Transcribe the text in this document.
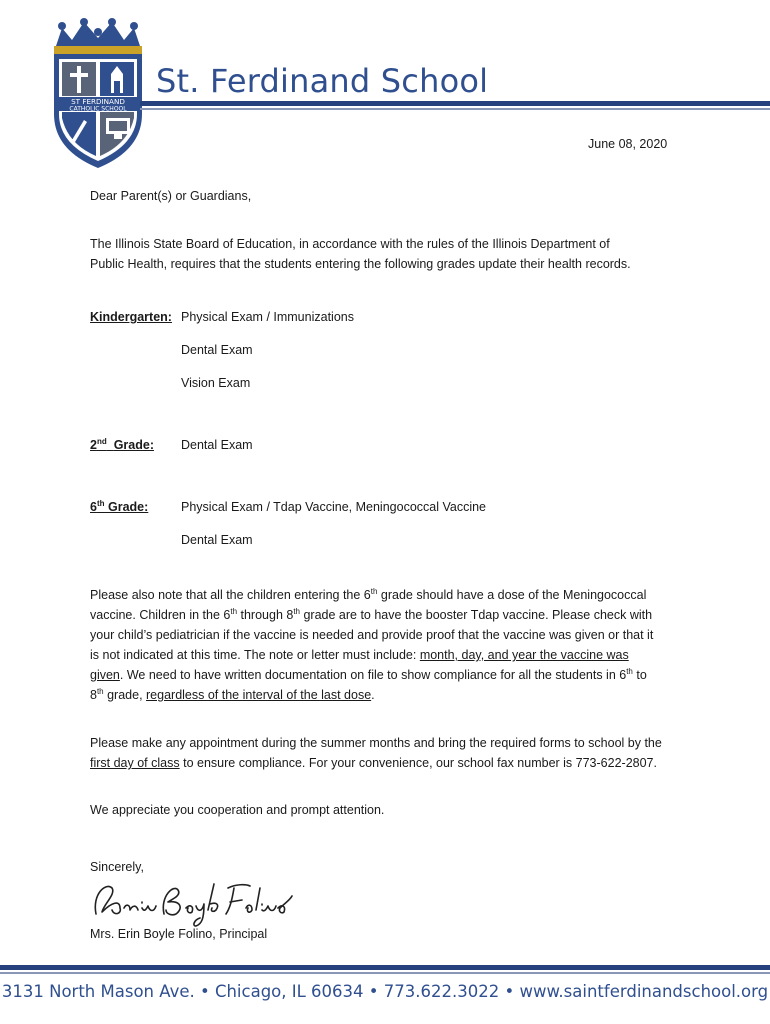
ST FERDINAND
CATHOLIC SCHOOL
St. Ferdinand School
June 08, 2020
Dear Parent(s) or Guardians,
The Illinois State Board of Education, in accordance with the rules of the Illinois Department of
Public Health, requires that the students entering the following grades update their health records.
Kindergarten: Physical Exam / Immunizations
Dental Exam
Vision Exam
2nd Grade: Dental Exam
6th Grade:	Physical Exam / Tdap Vaccine, Meningococcal Vaccine
Dental Exam
Please also note that all the children entering the 6th grade should have a dose of the Meningococcal
vaccine. Children in the 6th through 8th grade are to have the booster Tdap vaccine. Please check with
your child’s pediatrician if the vaccine is needed and provide proof that the vaccine was given or that it
is not indicated at this time. The note or letter must include: month, day, and year the vaccine was
given. We need to have written documentation on file to show compliance for all the students in 6th to
8th grade, regardless of the interval of the last dose.
Please make any appointment during the summer months and bring the required forms to school by the
first day of class to ensure compliance. For your convenience, our school fax number is 773-622-2807.
We appreciate you cooperation and prompt attention.
Sincerely,
Mrs. Erin Boyle Folino, Principal
3131 North Mason Ave. • Chicago, IL 60634 • 773.622.3022 • www.saintferdinandschool.org
